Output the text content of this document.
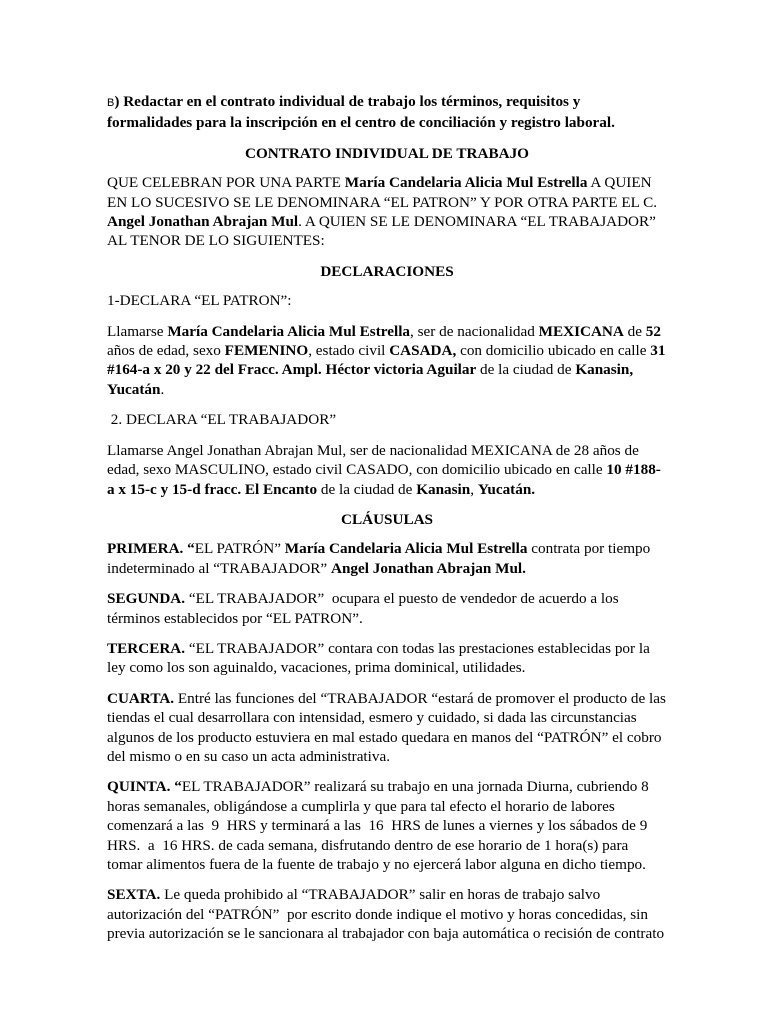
B) Redactar en el contrato individual de trabajo los términos, requisitos y formalidades para la inscripción en el centro de conciliación y registro laboral.

CONTRATO INDIVIDUAL DE TRABAJO

QUE CELEBRAN POR UNA PARTE María Candelaria Alicia Mul Estrella A QUIEN EN LO SUCESIVO SE LE DENOMINARA “EL PATRON” Y POR OTRA PARTE EL C. Angel Jonathan Abrajan Mul. A QUIEN SE LE DENOMINARA “EL TRABAJADOR” AL TENOR DE LO SIGUIENTES:

DECLARACIONES

1-DECLARA “EL PATRON”:

Llamarse María Candelaria Alicia Mul Estrella, ser de nacionalidad MEXICANA de 52 años de edad, sexo FEMENINO, estado civil CASADA, con domicilio ubicado en calle 31 #164-a x 20 y 22 del Fracc. Ampl. Héctor victoria Aguilar de la ciudad de Kanasin, Yucatán.

2. DECLARA “EL TRABAJADOR”

Llamarse Angel Jonathan Abrajan Mul, ser de nacionalidad MEXICANA de 28 años de edad, sexo MASCULINO, estado civil CASADO, con domicilio ubicado en calle 10 #188-a x 15-c y 15-d fracc. El Encanto de la ciudad de Kanasin, Yucatán.

CLÁUSULAS

PRIMERA. “EL PATRÓN” María Candelaria Alicia Mul Estrella contrata por tiempo indeterminado al “TRABAJADOR” Angel Jonathan Abrajan Mul.

SEGUNDA. “EL TRABAJADOR”  ocupara el puesto de vendedor de acuerdo a los términos establecidos por “EL PATRON”.

TERCERA. “EL TRABAJADOR” contara con todas las prestaciones establecidas por la ley como los son aguinaldo, vacaciones, prima dominical, utilidades.

CUARTA. Entré las funciones del “TRABAJADOR “estará de promover el producto de las tiendas el cual desarrollara con intensidad, esmero y cuidado, si dada las circunstancias algunos de los producto estuviera en mal estado quedara en manos del “PATRÓN” el cobro del mismo o en su caso un acta administrativa.

QUINTA. “EL TRABAJADOR” realizará su trabajo en una jornada Diurna, cubriendo 8 horas semanales, obligándose a cumplirla y que para tal efecto el horario de labores comenzará a las  9  HRS y terminará a las  16  HRS de lunes a viernes y los sábados de 9 HRS.  a  16 HRS. de cada semana, disfrutando dentro de ese horario de 1 hora(s) para tomar alimentos fuera de la fuente de trabajo y no ejercerá labor alguna en dicho tiempo.

SEXTA. Le queda prohibido al “TRABAJADOR” salir en horas de trabajo salvo autorización del “PATRÓN”  por escrito donde indique el motivo y horas concedidas, sin previa autorización se le sancionara al trabajador con baja automática o recisión de contrato
